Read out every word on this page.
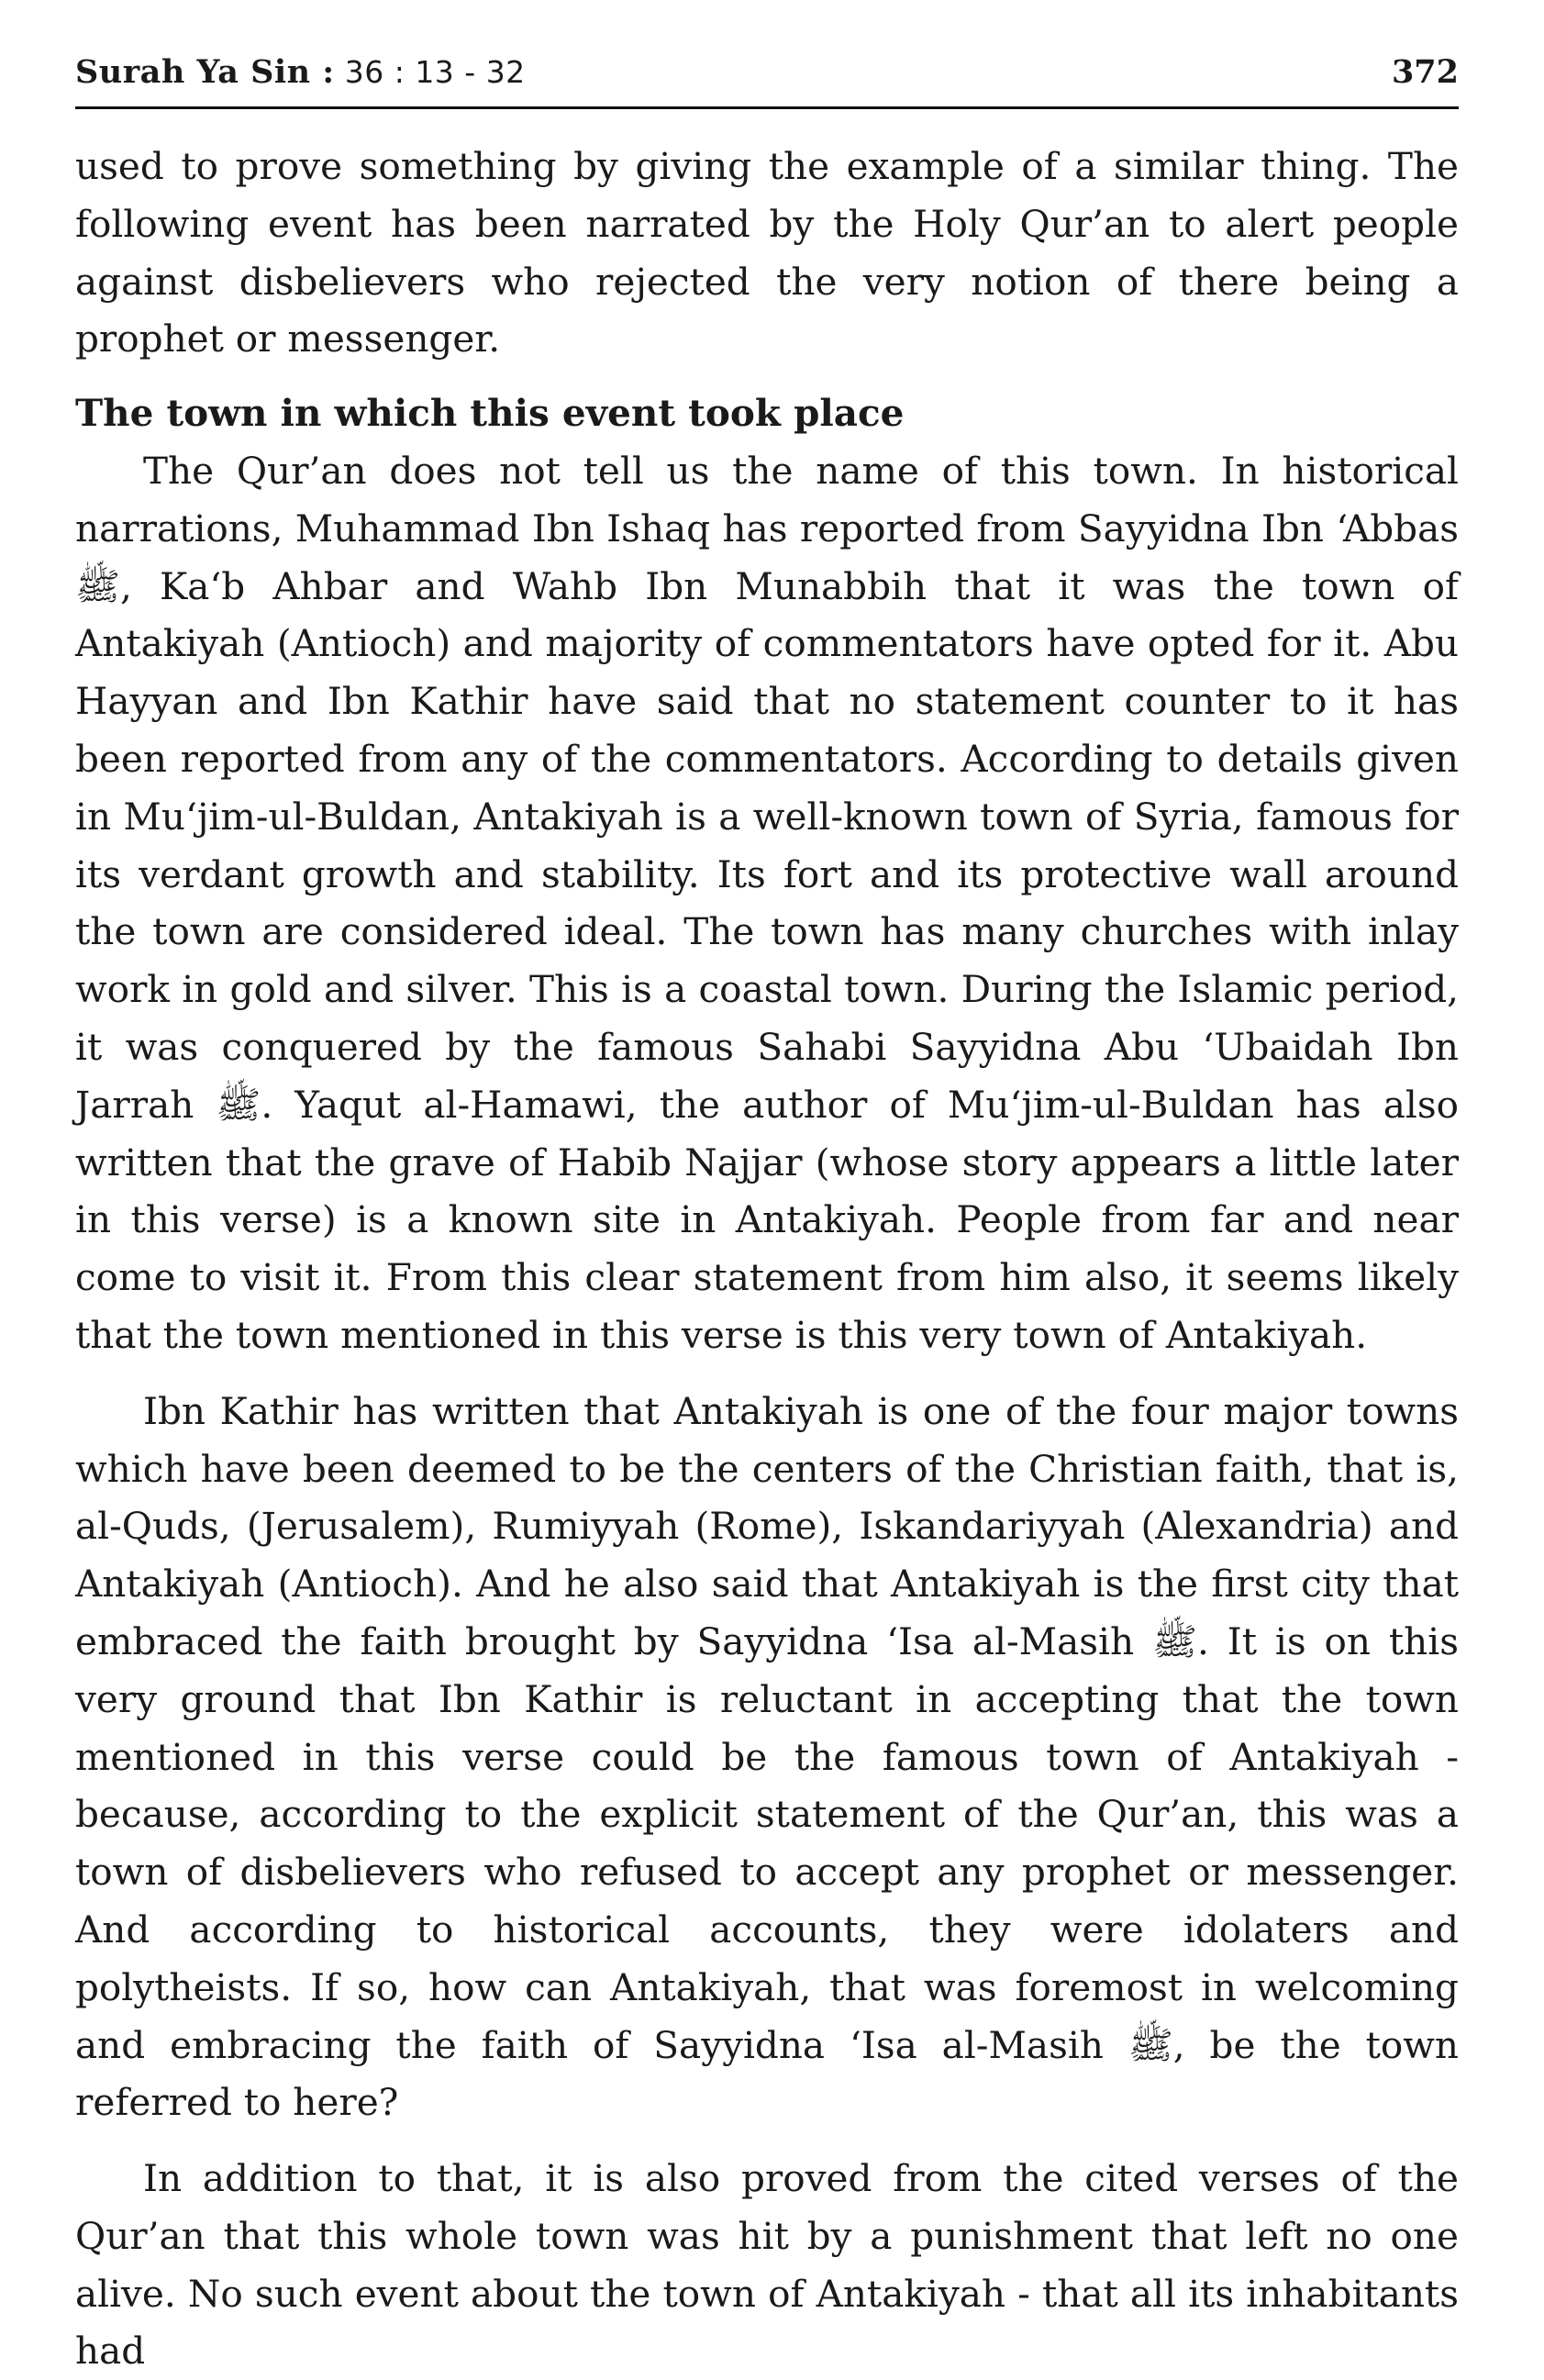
Surah Ya Sin : 36 : 13 - 32	372

used to prove something by giving the example of a similar thing. The following event has been narrated by the Holy Qur’an to alert people against disbelievers who rejected the very notion of there being a prophet or messenger.

The town in which this event took place

The Qur’an does not tell us the name of this town. In historical narrations, Muhammad Ibn Ishaq has reported from Sayyidna Ibn ‘Abbas ﷺ, Ka‘b Ahbar and Wahb Ibn Munabbih that it was the town of Antakiyah (Antioch) and majority of commentators have opted for it. Abu Hayyan and Ibn Kathir have said that no statement counter to it has been reported from any of the commentators. According to details given in Mu‘jim-ul-Buldan, Antakiyah is a well-known town of Syria, famous for its verdant growth and stability. Its fort and its protective wall around the town are considered ideal. The town has many churches with inlay work in gold and silver. This is a coastal town. During the Islamic period, it was conquered by the famous Sahabi Sayyidna Abu ‘Ubaidah Ibn Jarrah ﷺ. Yaqut al-Hamawi, the author of Mu‘jim-ul-Buldan has also written that the grave of Habib Najjar (whose story appears a little later in this verse) is a known site in Antakiyah. People from far and near come to visit it. From this clear statement from him also, it seems likely that the town mentioned in this verse is this very town of Antakiyah.

Ibn Kathir has written that Antakiyah is one of the four major towns which have been deemed to be the centers of the Christian faith, that is, al-Quds, (Jerusalem), Rumiyyah (Rome), Iskandariyyah (Alexandria) and Antakiyah (Antioch). And he also said that Antakiyah is the first city that embraced the faith brought by Sayyidna ‘Isa al-Masih ﷺ. It is on this very ground that Ibn Kathir is reluctant in accepting that the town mentioned in this verse could be the famous town of Antakiyah - because, according to the explicit statement of the Qur’an, this was a town of disbelievers who refused to accept any prophet or messenger. And according to historical accounts, they were idolaters and polytheists. If so, how can Antakiyah, that was foremost in welcoming and embracing the faith of Sayyidna ‘Isa al-Masih ﷺ, be the town referred to here?

In addition to that, it is also proved from the cited verses of the Qur’an that this whole town was hit by a punishment that left no one alive. No such event about the town of Antakiyah - that all its inhabitants had
